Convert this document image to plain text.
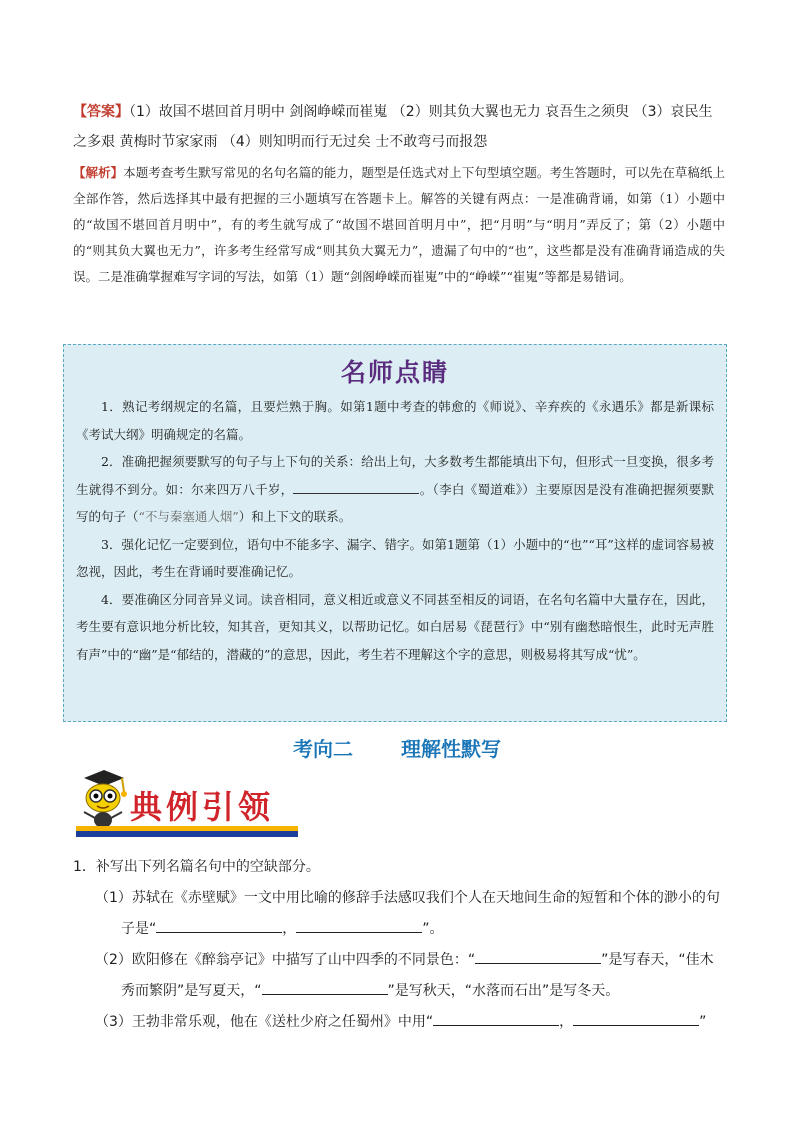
【答案】（1）故国不堪回首月明中 剑阁峥嵘而崔嵬 （2）则其负大翼也无力 哀吾生之须臾 （3）哀民生之多艰 黄梅时节家家雨 （4）则知明而行无过矣 士不敢弯弓而报怨
【解析】本题考查考生默写常见的名句名篇的能力，题型是任选式对上下句型填空题。考生答题时，可以先在草稿纸上全部作答，然后选择其中最有把握的三小题填写在答题卡上。解答的关键有两点：一是准确背诵，如第（1）小题中的“故国不堪回首月明中”，有的考生就写成了“故国不堪回首明月中”，把“月明”与“明月”弄反了；第（2）小题中的“则其负大翼也无力”，许多考生经常写成“则其负大翼无力”，遗漏了句中的“也”，这些都是没有准确背诵造成的失误。二是准确掌握难写字词的写法，如第（1）题“剑阁峥嵘而崔嵬”中的“峥嵘”“崔嵬”等都是易错词。
名师点睛

1．熟记考纲规定的名篇，且要烂熟于胸。如第1题中考查的韩愈的《师说》、辛弃疾的《永遇乐》都是新课标《考试大纲》明确规定的名篇。

2．准确把握须要默写的句子与上下句的关系：给出上句，大多数考生都能填出下句，但形式一旦变换，很多考生就得不到分。如：尔来四万八千岁，	。（李白《蜀道难》）主要原因是没有准确把握须要默写的句子（“不与秦塞通人烟”）和上下文的联系。

3．强化记忆一定要到位，语句中不能多字、漏字、错字。如第1题第（1）小题中的“也”“耳”这样的虚词容易被忽视，因此，考生在背诵时要准确记忆。

4．要准确区分同音异义词。读音相同，意义相近或意义不同甚至相反的词语，在名句名篇中大量存在，因此，考生要有意识地分析比较，知其音，更知其义，以帮助记忆。如白居易《琵琶行》中“别有幽愁暗恨生，此时无声胜有声”中的“幽”是“郁结的，潜藏的”的意思，因此，考生若不理解这个字的意思，则极易将其写成“忧”。

考向二 理解性默写
典例引领

1．补写出下列名篇名句中的空缺部分。

（1）苏轼在《赤壁赋》一文中用比喻的修辞手法感叹我们个人在天地间生命的短暂和个体的渺小的句

子是“	，	”。

（2）欧阳修在《醉翁亭记》中描写了山中四季的不同景色：“	”是写春天，“佳木

秀而繁阴”是写夏天，“	”是写秋天，“水落而石出”是写冬天。

（3）王勃非常乐观，他在《送杜少府之任蜀州》中用“	，	”
